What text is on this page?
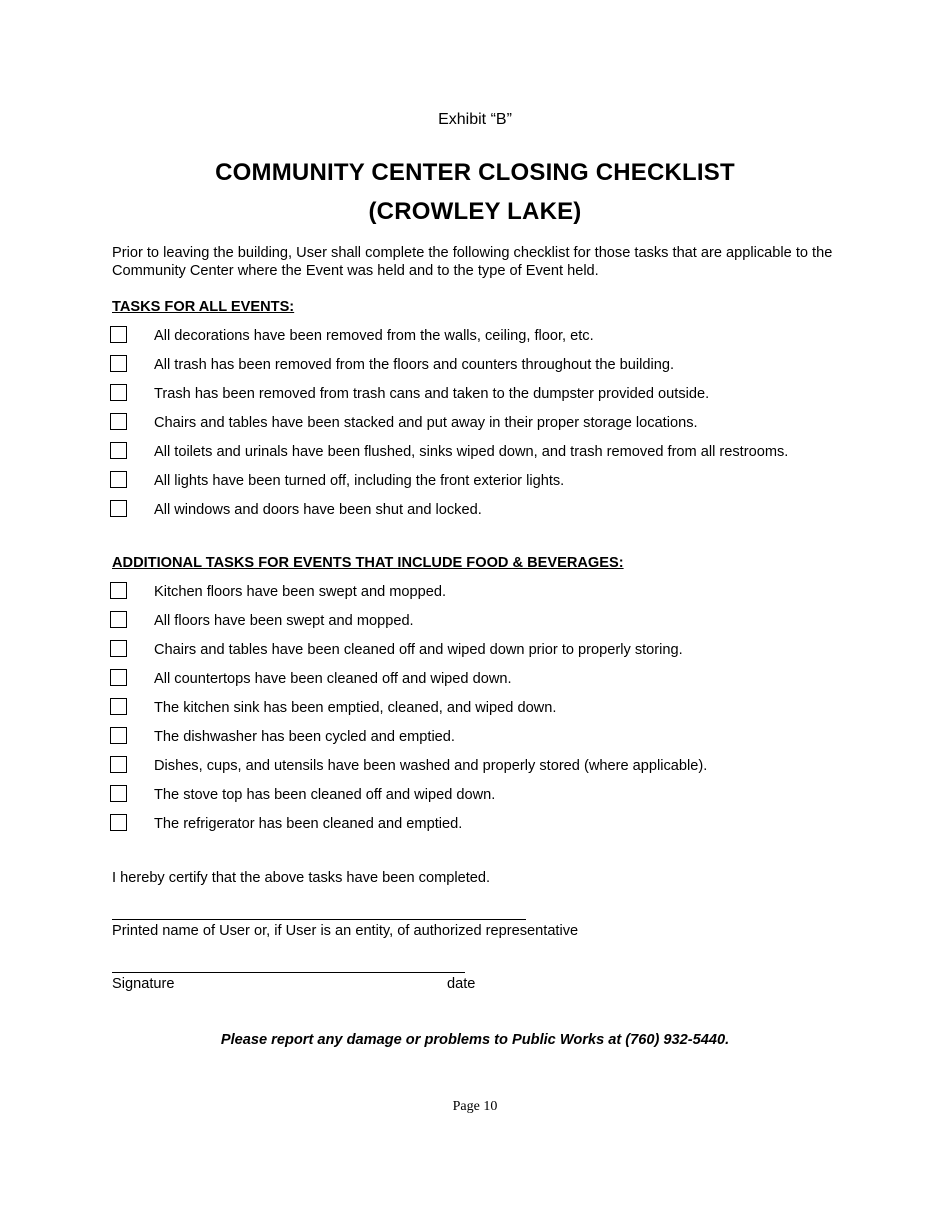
Exhibit “B”
COMMUNITY CENTER CLOSING CHECKLIST
(CROWLEY LAKE)
Prior to leaving the building, User shall complete the following checklist for those tasks that are applicable to the Community Center where the Event was held and to the type of Event held.
TASKS FOR ALL EVENTS:
All decorations have been removed from the walls, ceiling, floor, etc.
All trash has been removed from the floors and counters throughout the building.
Trash has been removed from trash cans and taken to the dumpster provided outside.
Chairs and tables have been stacked and put away in their proper storage locations.
All toilets and urinals have been flushed, sinks wiped down, and trash removed from all restrooms.
All lights have been turned off, including the front exterior lights.
All windows and doors have been shut and locked.
ADDITIONAL TASKS FOR EVENTS THAT INCLUDE FOOD & BEVERAGES:
Kitchen floors have been swept and mopped.
All floors have been swept and mopped.
Chairs and tables have been cleaned off and wiped down prior to properly storing.
All countertops have been cleaned off and wiped down.
The kitchen sink has been emptied, cleaned, and wiped down.
The dishwasher has been cycled and emptied.
Dishes, cups, and utensils have been washed and properly stored (where applicable).
The stove top has been cleaned off and wiped down.
The refrigerator has been cleaned and emptied.
I hereby certify that the above tasks have been completed.
Printed name of User or, if User is an entity, of authorized representative
Signature	date
Please report any damage or problems to Public Works at (760) 932-5440.
Page 10
